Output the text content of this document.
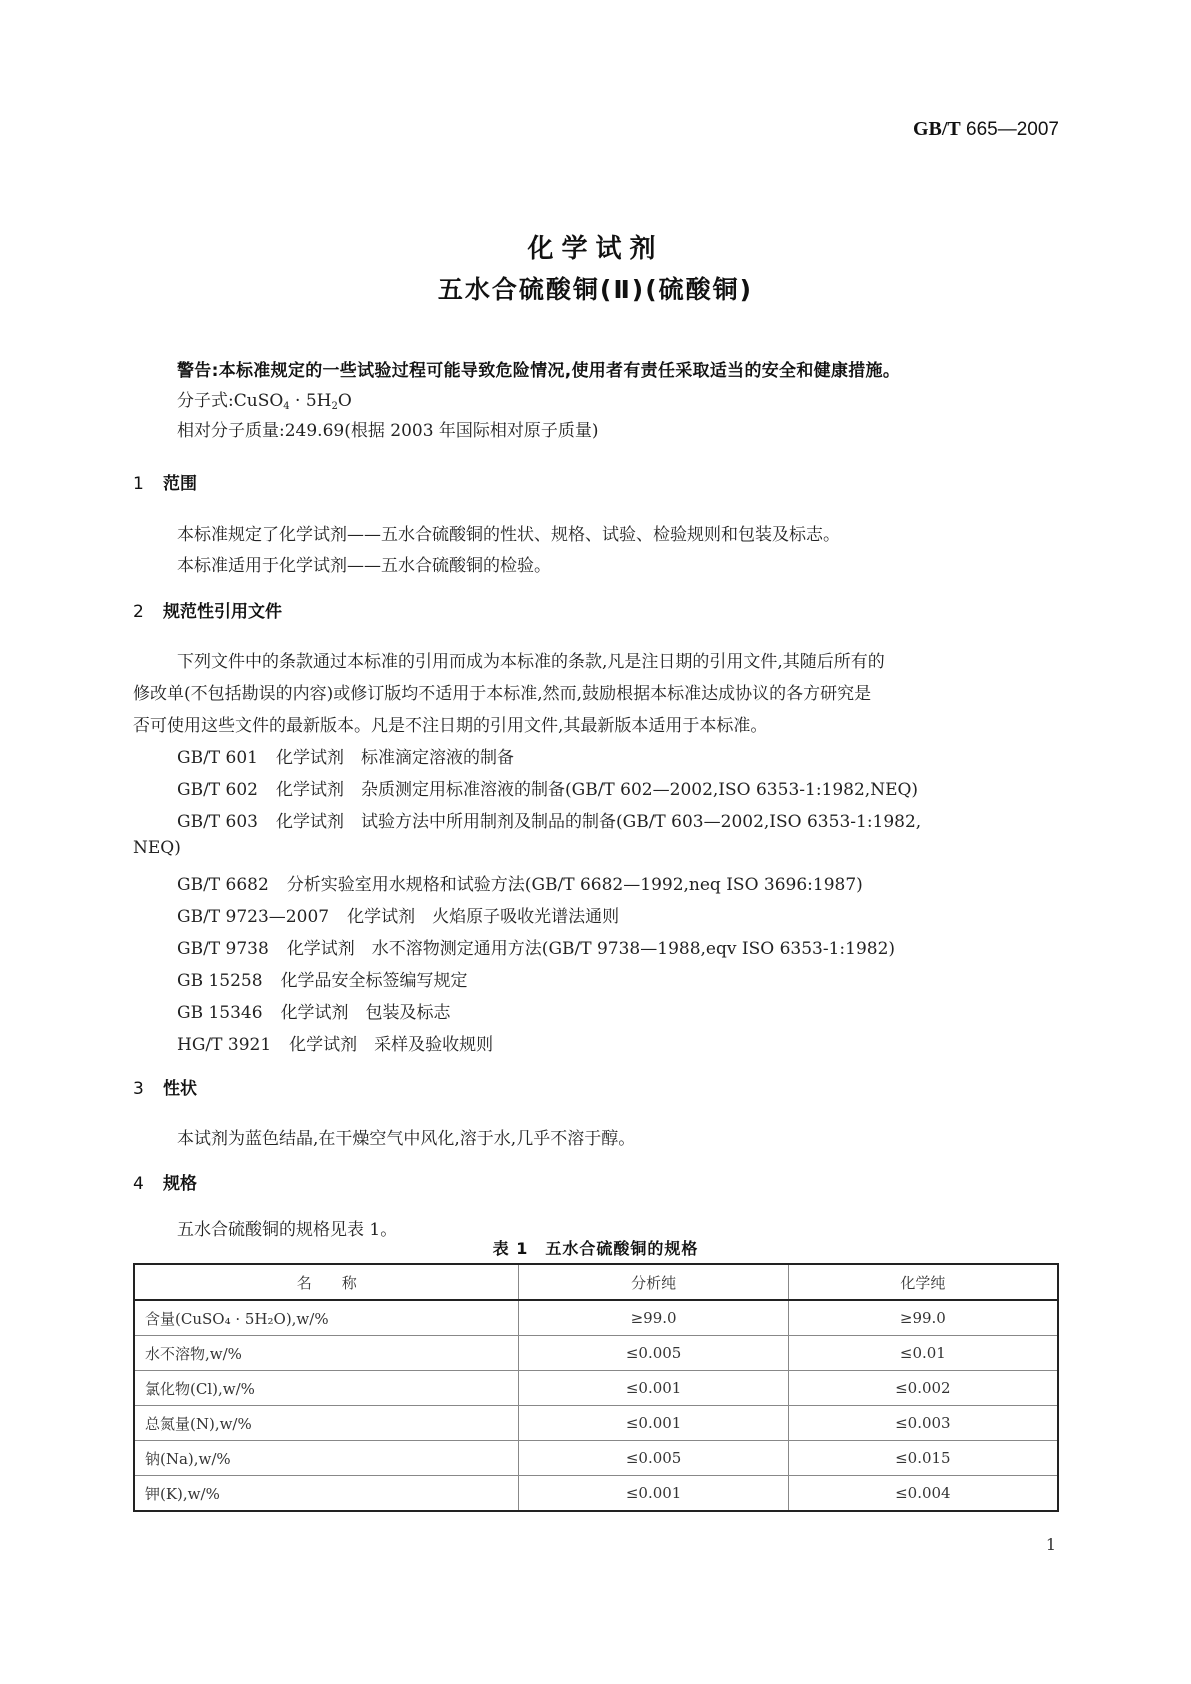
GB/T 665—2007
化学试剂
五水合硫酸铜(Ⅱ)(硫酸铜)
警告:本标准规定的一些试验过程可能导致危险情况,使用者有责任采取适当的安全和健康措施。
分子式:CuSO$_4$ · $5H_2O$
相对分子质量:249.69(根据 2003 年国际相对原子质量)
1 范围
本标准规定了化学试剂——五水合硫酸铜的性状、规格、试验、检验规则和包装及标志。
本标准适用于化学试剂——五水合硫酸铜的检验。
2 规范性引用文件
下列文件中的条款通过本标准的引用而成为本标准的条款,凡是注日期的引用文件,其随后所有的
修改单(不包括勘误的内容)或修订版均不适用于本标准,然而,鼓励根据本标准达成协议的各方研究是
否可使用这些文件的最新版本。凡是不注日期的引用文件,其最新版本适用于本标准。
GB/T 601 化学试剂　标准滴定溶液的制备
GB/T 602 化学试剂　杂质测定用标准溶液的制备(GB/T 602—2002,ISO 6353-1:1982,NEQ)
GB/T 603 化学试剂　试验方法中所用制剂及制品的制备(GB/T 603—2002,ISO 6353-1:1982,
NEQ)
GB/T 6682 分析实验室用水规格和试验方法(GB/T 6682—1992,neq ISO 3696:1987)
GB/T 9723—2007 化学试剂　火焰原子吸收光谱法通则
GB/T 9738 化学试剂　水不溶物测定通用方法(GB/T 9738—1988,eqv ISO 6353-1:1982)
GB 15258 化学品安全标签编写规定
GB 15346 化学试剂　包装及标志
HG/T 3921 化学试剂　采样及验收规则
3 性状
本试剂为蓝色结晶,在干燥空气中风化,溶于水,几乎不溶于醇。
4 规格
五水合硫酸铜的规格见表 1。
表 1　五水合硫酸铜的规格
名　　称	分析纯	化学纯
含量(CuSO₄ · 5H₂O),w/%	≥99.0	≥99.0
水不溶物,w/%	≤0.005	≤0.01
氯化物(Cl),w/%	≤0.001	≤0.002
总氮量(N),w/%	≤0.001	≤0.003
钠(Na),w/%	≤0.005	≤0.015
钾(K),w/%	≤0.001	≤0.004
1
